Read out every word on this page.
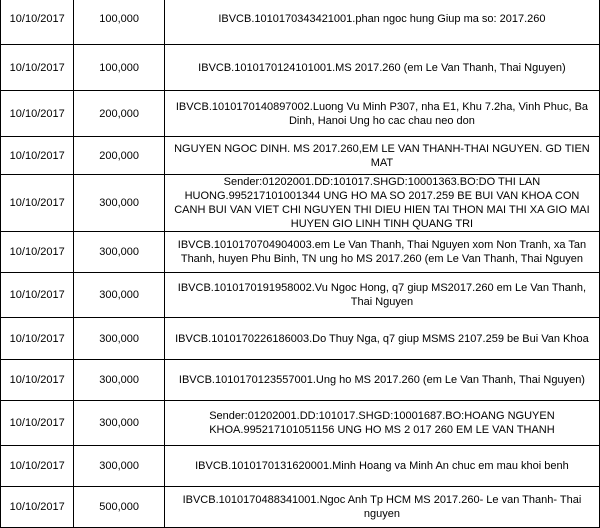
10/10/2017	100,000	IBVCB.1010170343421001.phan ngoc hung Giup ma so: 2017.260
10/10/2017	100,000	IBVCB.1010170124101001.MS 2017.260 (em Le Van Thanh, Thai Nguyen)
10/10/2017	200,000	IBVCB.1010170140897002.Luong Vu Minh P307, nha E1, Khu 7.2ha, Vinh Phuc, Ba Dinh, Hanoi Ung ho cac chau neo don
10/10/2017	200,000	NGUYEN NGOC DINH. MS 2017.260,EM LE VAN THANH-THAI NGUYEN. GD TIEN MAT
10/10/2017	300,000	Sender:01202001.DD:101017.SHGD:10001363.BO:DO THI LAN HUONG.995217101001344 UNG HO MA SO 2017.259 BE BUI VAN KHOA CON CANH BUI VAN VIET CHI NGUYEN THI DIEU HIEN TAI THON MAI THI XA GIO MAI HUYEN GIO LINH TINH QUANG TRI
10/10/2017	300,000	IBVCB.1010170704904003.em Le Van Thanh, Thai Nguyen xom Non Tranh, xa Tan Thanh, huyen Phu Binh, TN ung ho MS 2017.260 (em Le Van Thanh, Thai Nguyen
10/10/2017	300,000	IBVCB.1010170191958002.Vu Ngoc Hong, q7 giup MS2017.260 em Le Van Thanh, Thai Nguyen
10/10/2017	300,000	IBVCB.1010170226186003.Do Thuy Nga, q7 giup MSMS 2107.259 be Bui Van Khoa
10/10/2017	300,000	IBVCB.1010170123557001.Ung ho MS 2017.260 (em Le Van Thanh, Thai Nguyen)
10/10/2017	300,000	Sender:01202001.DD:101017.SHGD:10001687.BO:HOANG NGUYEN KHOA.995217101051156 UNG HO MS 2 017 260 EM LE VAN THANH
10/10/2017	300,000	IBVCB.1010170131620001.Minh Hoang va Minh An chuc em mau khoi benh
10/10/2017	500,000	IBVCB.1010170488341001.Ngoc Anh Tp HCM MS 2017.260- Le van Thanh- Thai nguyen
